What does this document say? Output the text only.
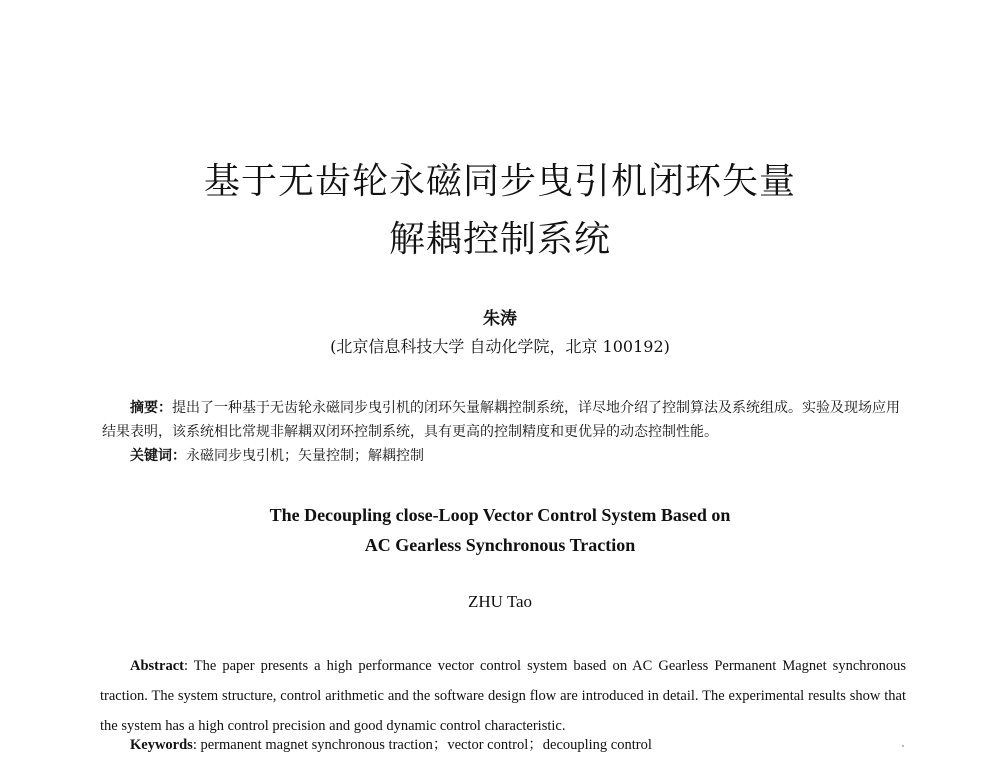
基于无齿轮永磁同步曳引机闭环矢量
解耦控制系统
朱涛
(北京信息科技大学 自动化学院，北京 100192)
摘要：提出了一种基于无齿轮永磁同步曳引机的闭环矢量解耦控制系统，详尽地介绍了控制算法及系统组成。实验及现场应用结果表明，该系统相比常规非解耦双闭环控制系统，具有更高的控制精度和更优异的动态控制性能。
关键词：永磁同步曳引机；矢量控制；解耦控制
The Decoupling close-Loop Vector Control System Based on
AC Gearless Synchronous Traction
ZHU Tao
Abstract: The paper presents a high performance vector control system based on AC Gearless Permanent Magnet synchronous traction. The system structure, control arithmetic and the software design flow are introduced in detail. The experimental results show that the system has a high control precision and good dynamic control characteristic.
Keywords: permanent magnet synchronous traction；vector control；decoupling control
